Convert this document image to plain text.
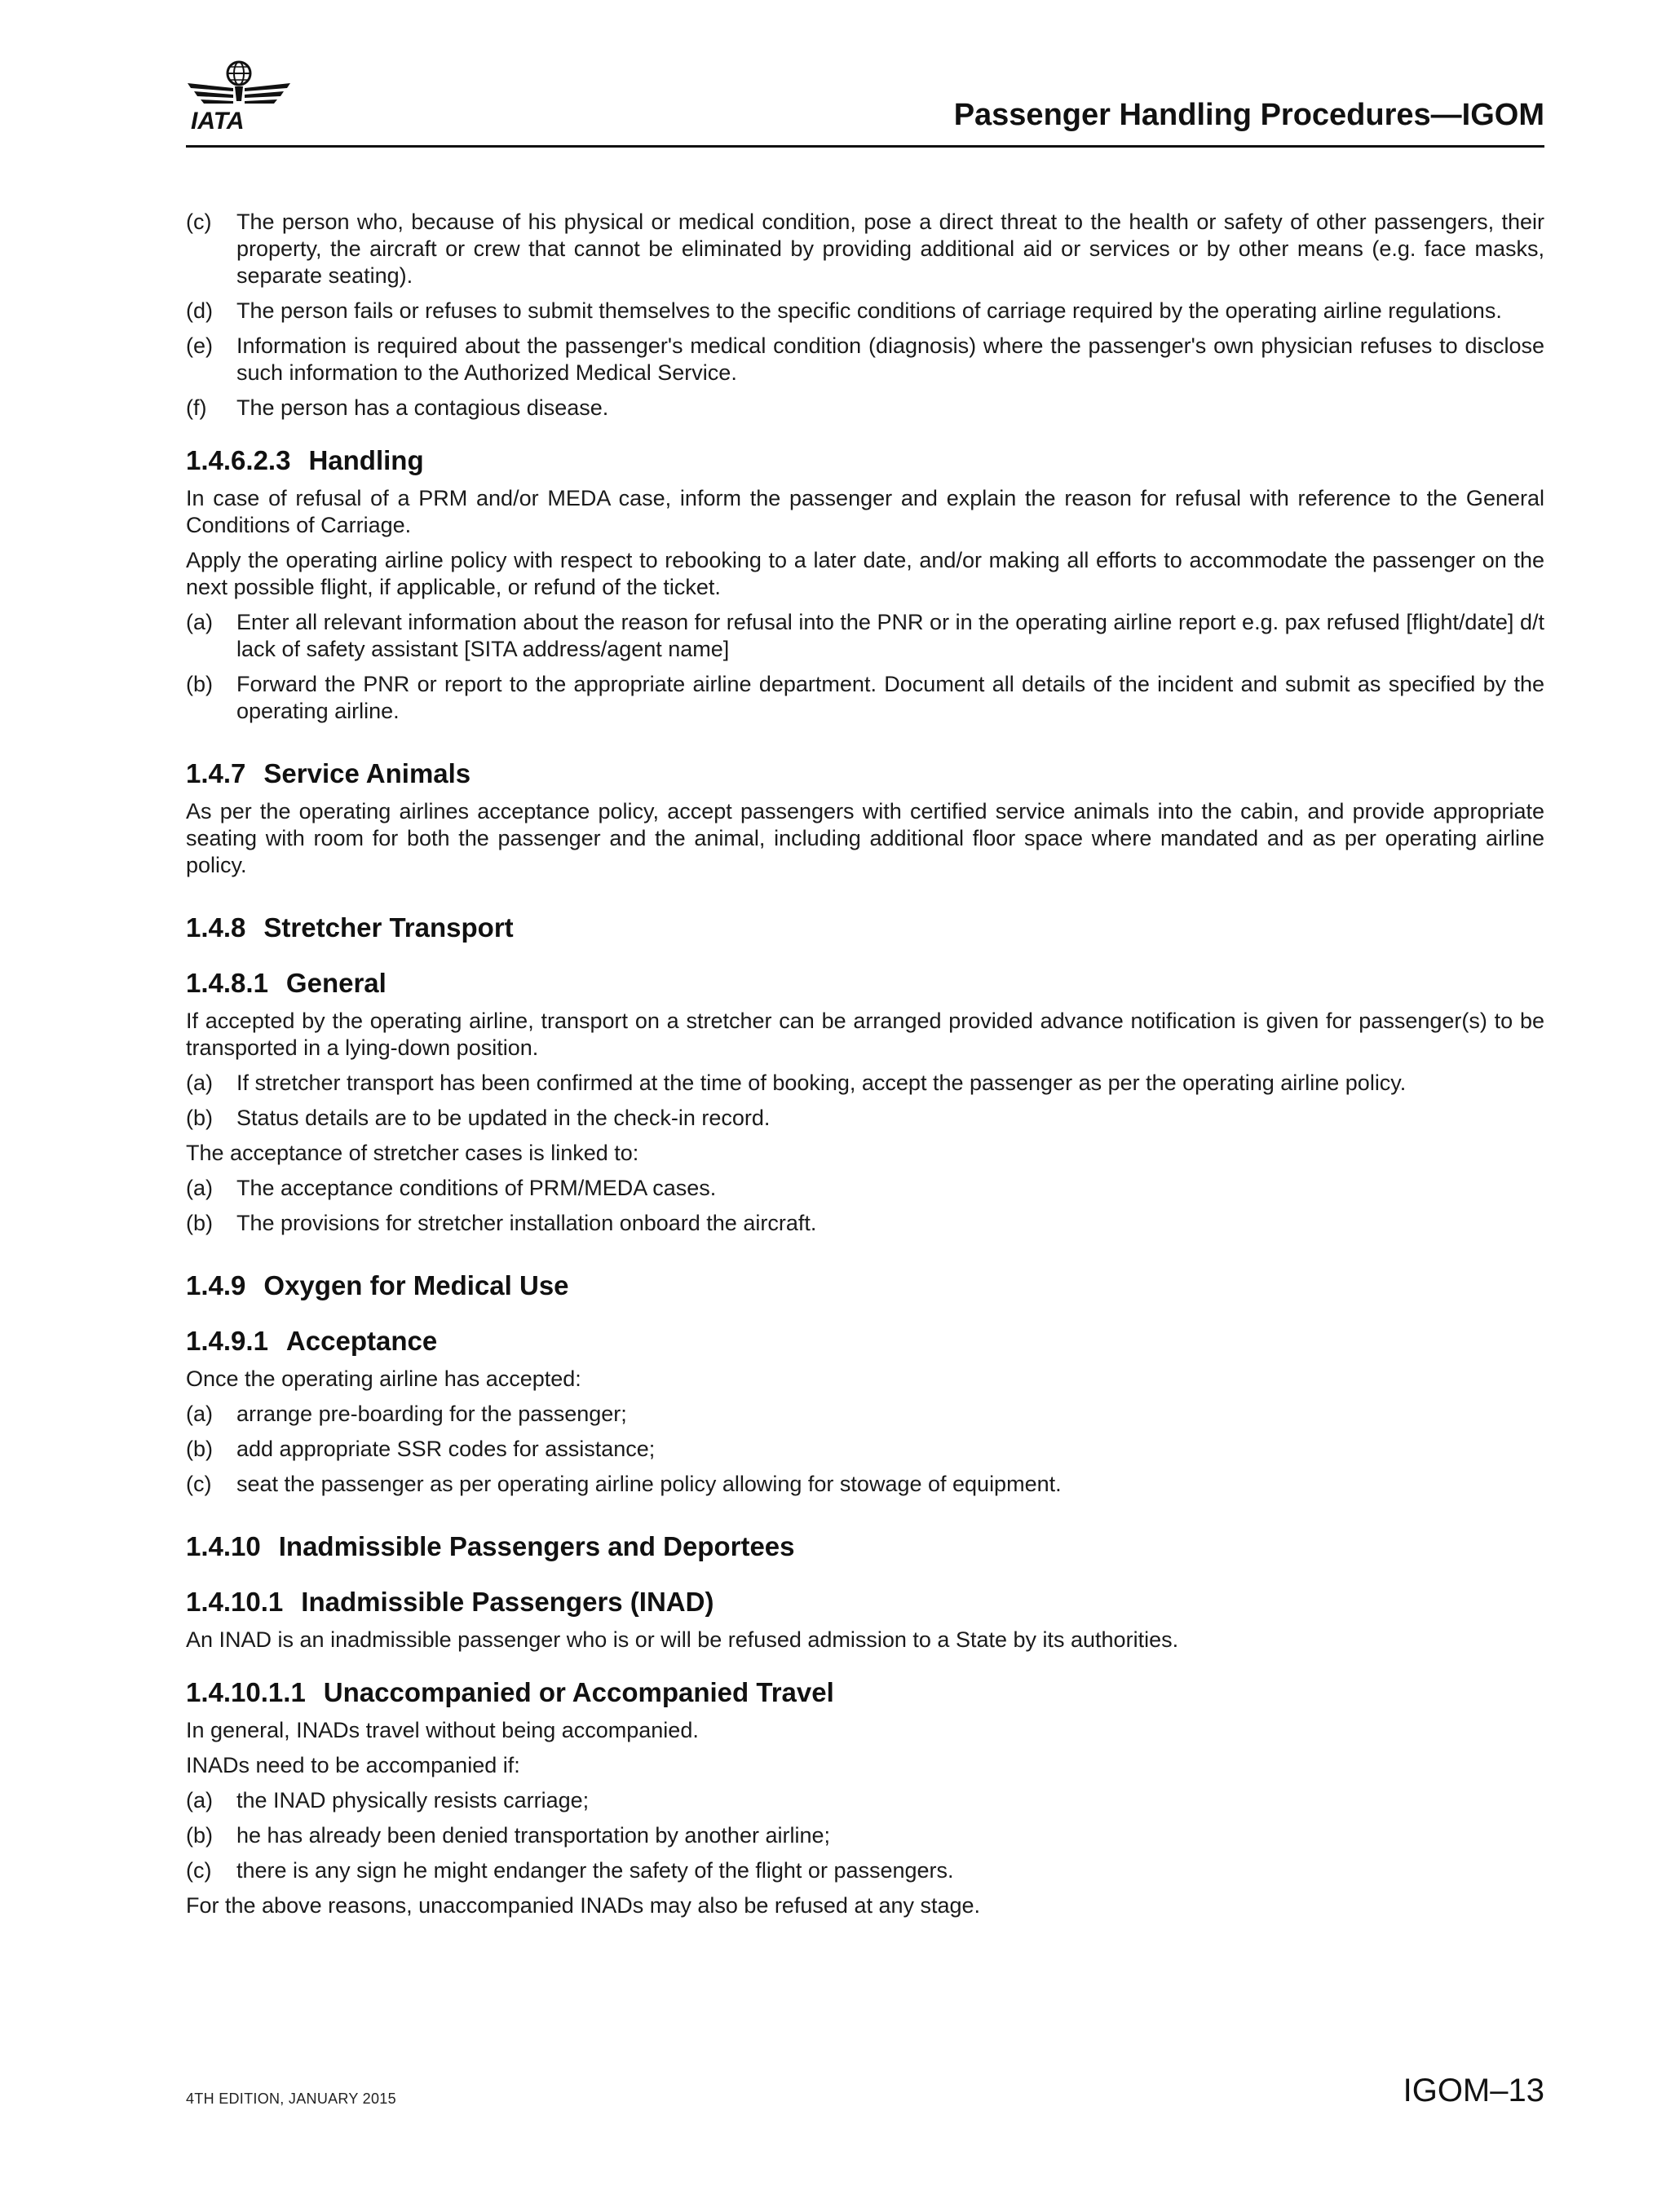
IATA	Passenger Handling Procedures—IGOM
(c) The person who, because of his physical or medical condition, pose a direct threat to the health or safety of other passengers, their property, the aircraft or crew that cannot be eliminated by providing additional aid or services or by other means (e.g. face masks, separate seating).
(d) The person fails or refuses to submit themselves to the specific conditions of carriage required by the operating airline regulations.
(e) Information is required about the passenger's medical condition (diagnosis) where the passenger's own physician refuses to disclose such information to the Authorized Medical Service.
(f) The person has a contagious disease.
1.4.6.2.3 Handling

In case of refusal of a PRM and/or MEDA case, inform the passenger and explain the reason for refusal with reference to the General Conditions of Carriage.

Apply the operating airline policy with respect to rebooking to a later date, and/or making all efforts to accommodate the passenger on the next possible flight, if applicable, or refund of the ticket.

(a) Enter all relevant information about the reason for refusal into the PNR or in the operating airline report e.g. pax refused [flight/date] d/t lack of safety assistant [SITA address/agent name]
(b) Forward the PNR or report to the appropriate airline department. Document all details of the incident and submit as specified by the operating airline.
1.4.7 Service Animals

As per the operating airlines acceptance policy, accept passengers with certified service animals into the cabin, and provide appropriate seating with room for both the passenger and the animal, including additional floor space where mandated and as per operating airline policy.

1.4.8 Stretcher Transport
1.4.8.1 General

If accepted by the operating airline, transport on a stretcher can be arranged provided advance notification is given for passenger(s) to be transported in a lying-down position.

(a) If stretcher transport has been confirmed at the time of booking, accept the passenger as per the operating airline policy.
(b) Status details are to be updated in the check-in record.

The acceptance of stretcher cases is linked to:

(a) The acceptance conditions of PRM/MEDA cases.
(b) The provisions for stretcher installation onboard the aircraft.
1.4.9 Oxygen for Medical Use
1.4.9.1 Acceptance

Once the operating airline has accepted:

(a) arrange pre-boarding for the passenger;
(b) add appropriate SSR codes for assistance;
(c) seat the passenger as per operating airline policy allowing for stowage of equipment.
1.4.10 Inadmissible Passengers and Deportees
1.4.10.1 Inadmissible Passengers (INAD)

An INAD is an inadmissible passenger who is or will be refused admission to a State by its authorities.

1.4.10.1.1 Unaccompanied or Accompanied Travel

In general, INADs travel without being accompanied.

INADs need to be accompanied if:

(a) the INAD physically resists carriage;
(b) he has already been denied transportation by another airline;
(c) there is any sign he might endanger the safety of the flight or passengers.

For the above reasons, unaccompanied INADs may also be refused at any stage.

4TH EDITION, JANUARY 2015	IGOM–13
